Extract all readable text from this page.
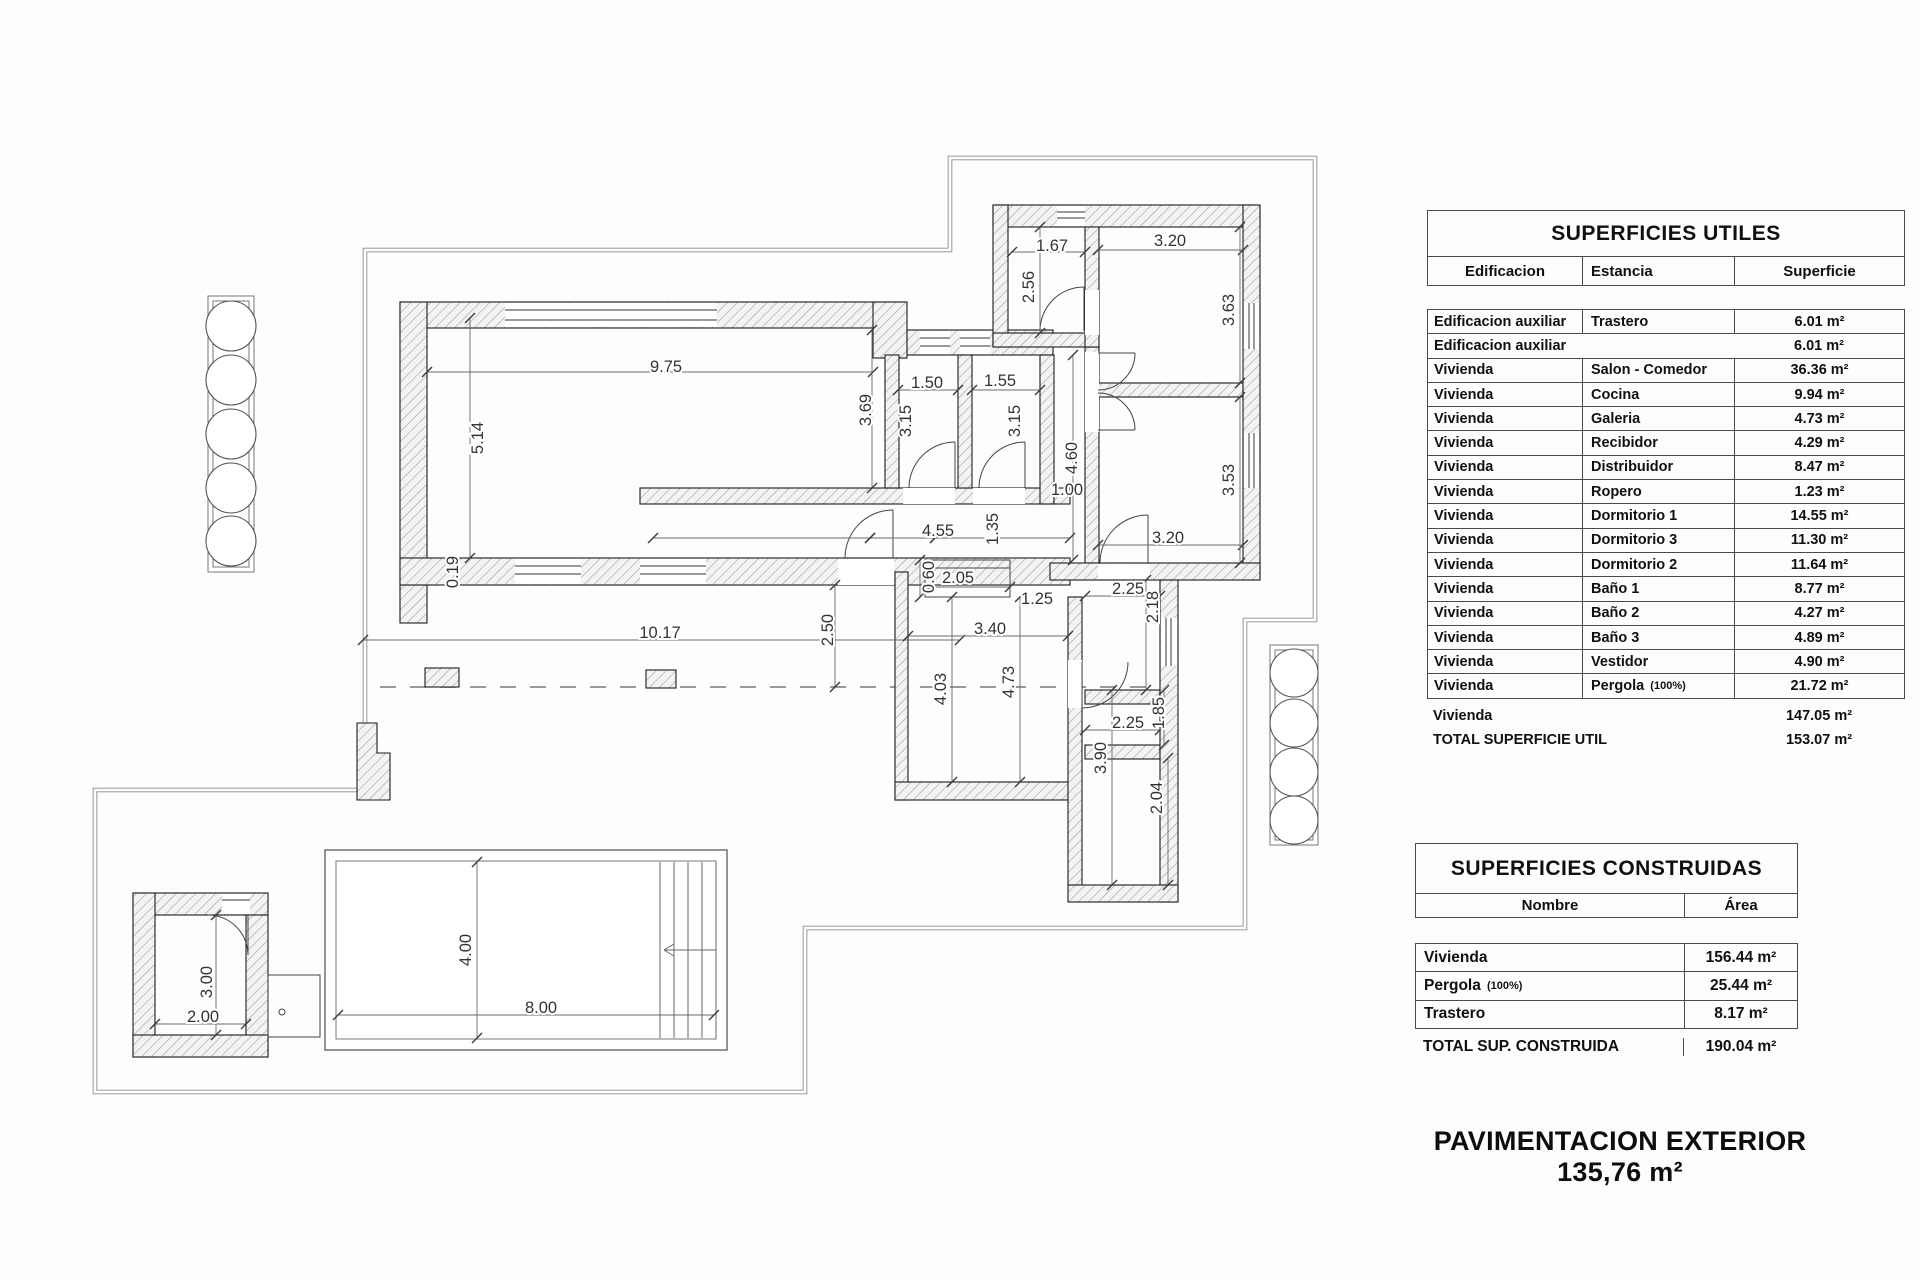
9.75
5.14
3.69
1.50 1.55
3.15	3.15
1.67
2.56
3.20
3.63
3.53
3.20
4.60
1.00
4.55 1.35
2.05
0.60
1.25
2.25
2.18
3.40
4.03	4.73
2.25 1.85
3.90
2.04
10.17	2.50
0.19
4.00
8.00
3.00
2.00
SUPERFICIES UTILES
Edificacion	Estancia	Superficie
Edificacion auxiliar	Trastero	6.01 m²
Edificacion auxiliar	6.01 m²
Vivienda	Salon - Comedor	36.36 m²
Vivienda	Cocina	9.94 m²
Vivienda	Galeria	4.73 m²
Vivienda	Recibidor	4.29 m²
Vivienda	Distribuidor	8.47 m²
Vivienda	Ropero	1.23 m²
Vivienda	Dormitorio 1	14.55 m²
Vivienda	Dormitorio 3	11.30 m²
Vivienda	Dormitorio 2	11.64 m²
Vivienda	Baño 1	8.77 m²
Vivienda	Baño 2	4.27 m²
Vivienda	Baño 3	4.89 m²
Vivienda	Vestidor	4.90 m²
Vivienda	Pergola (100%)	21.72 m²
Vivienda	147.05 m²
TOTAL SUPERFICIE UTIL	153.07 m²
SUPERFICIES CONSTRUIDAS
Nombre	Área
Vivienda	156.44 m²
Pergola (100%)	25.44 m²
Trastero	8.17 m²
TOTAL SUP. CONSTRUIDA	190.04 m²
PAVIMENTACION EXTERIOR 135,76 m²
